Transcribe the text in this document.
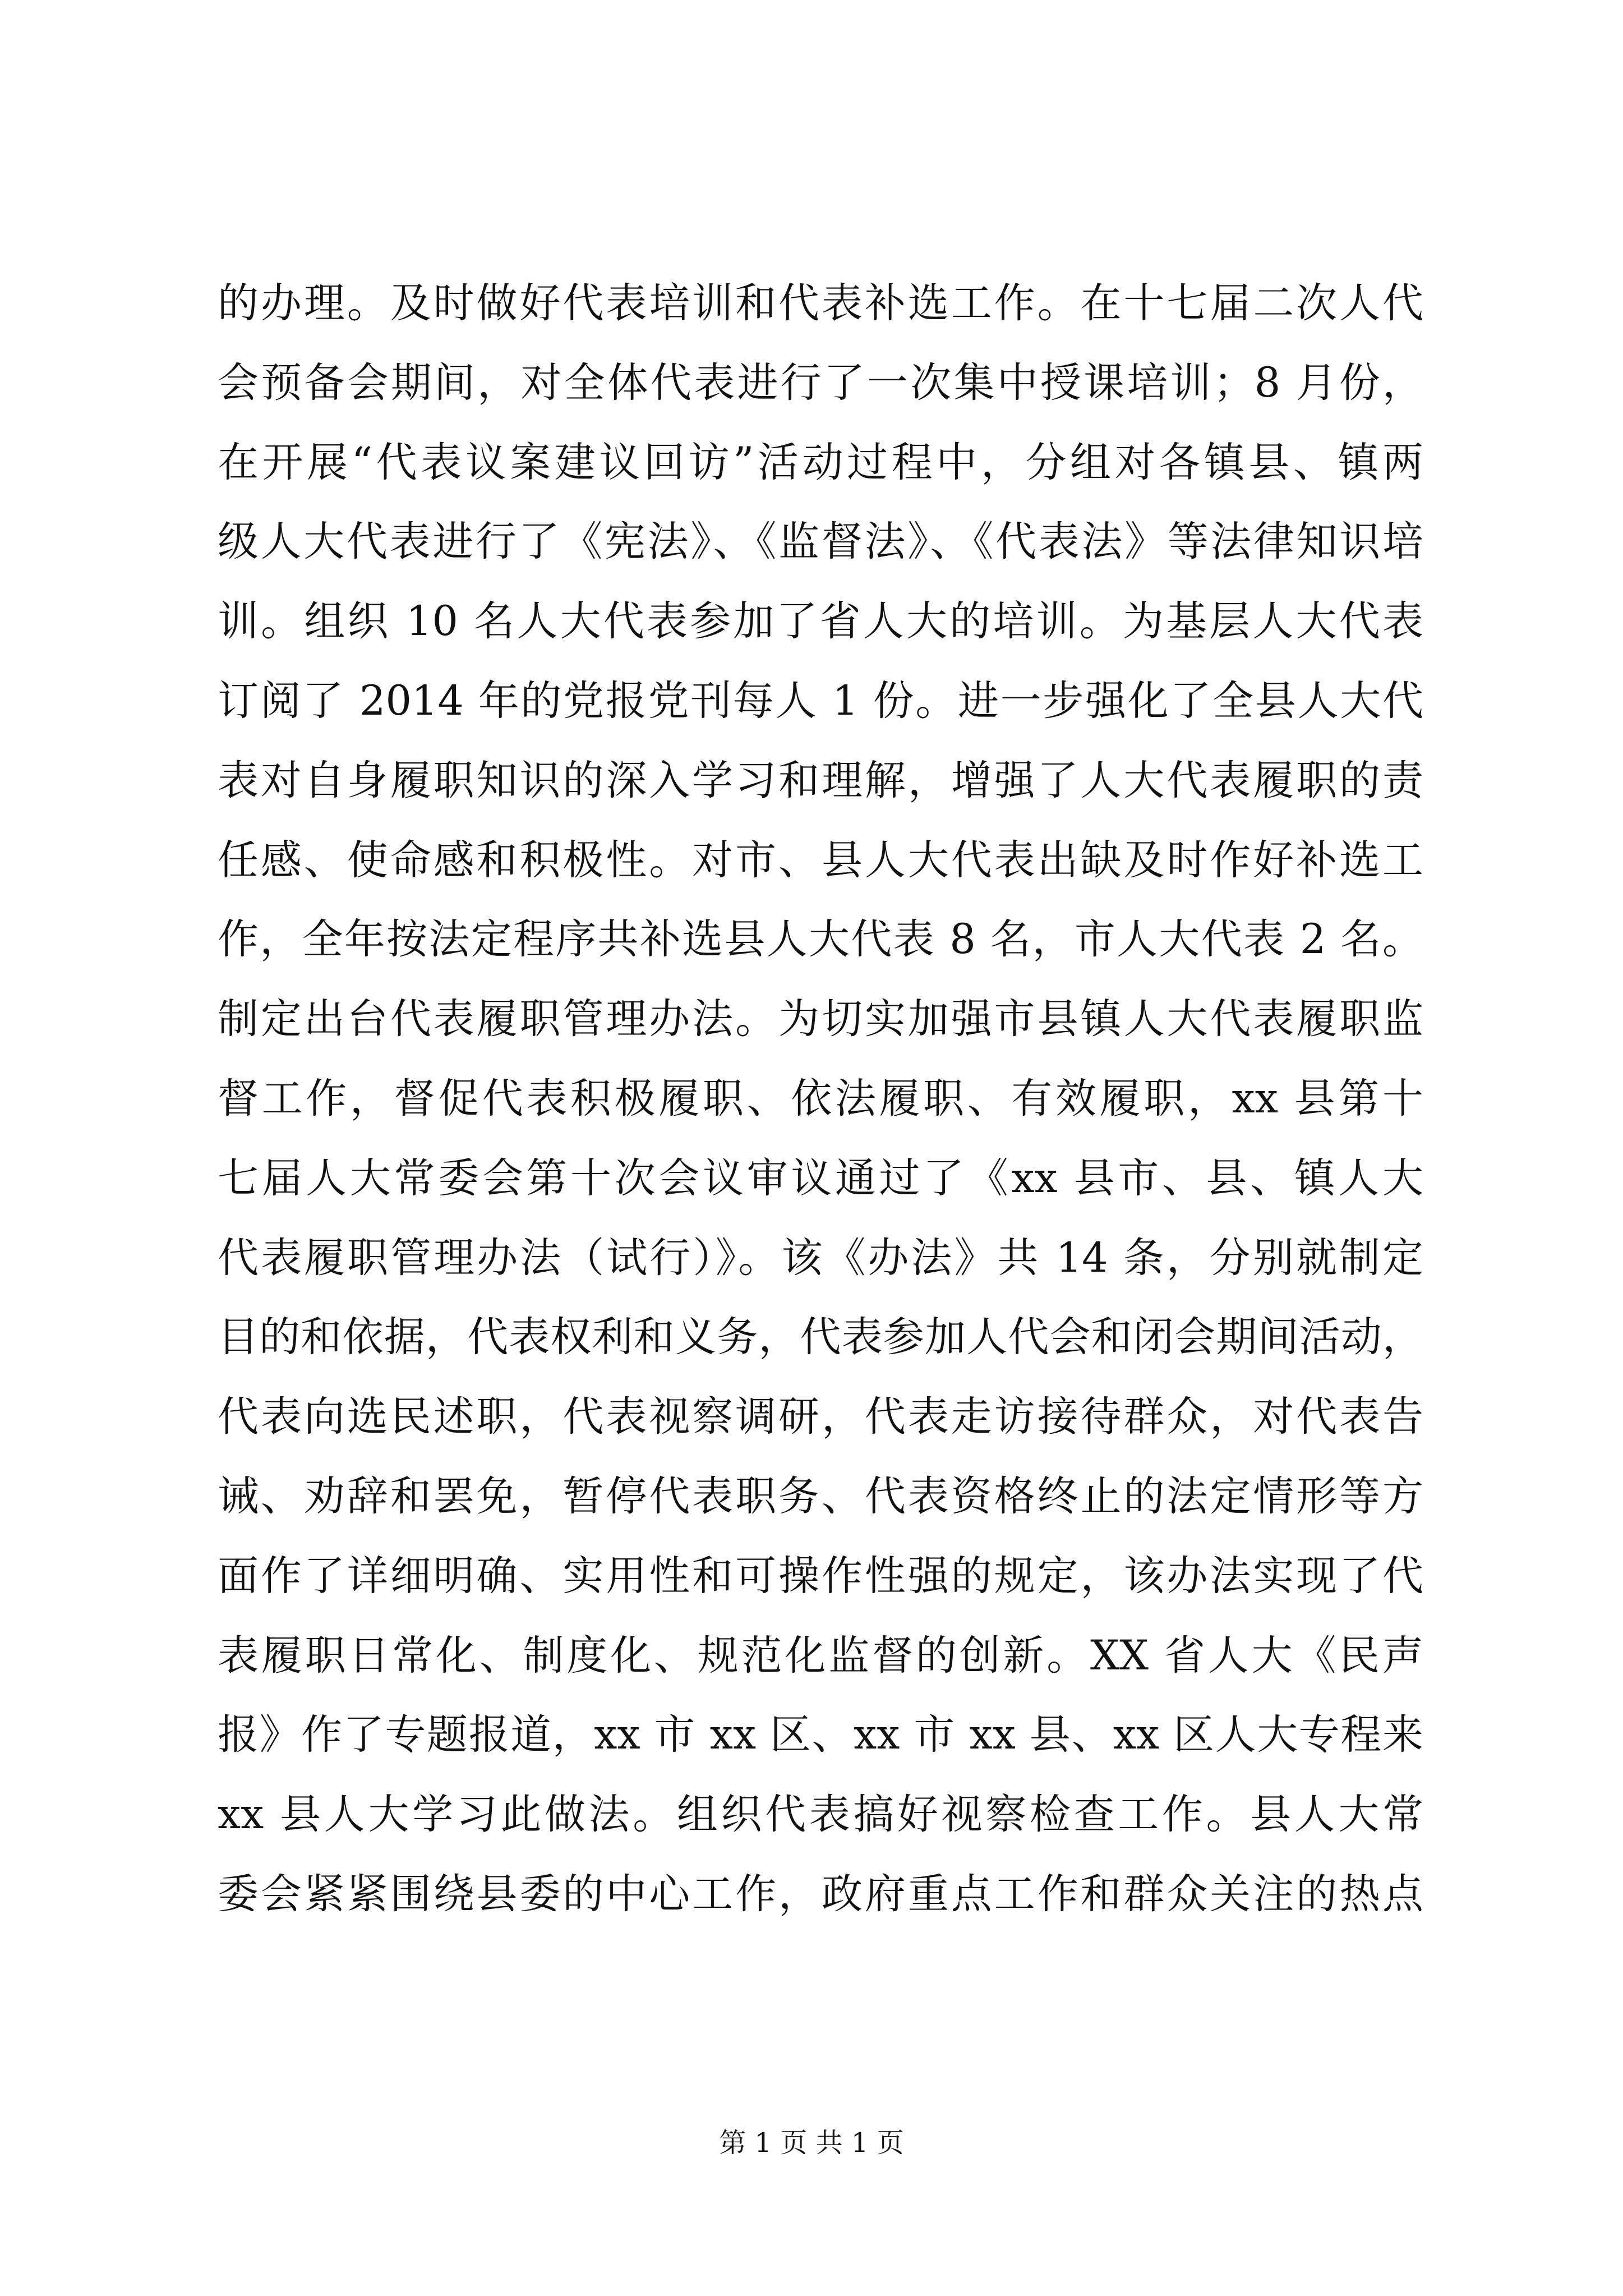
的办理。及时做好代表培训和代表补选工作。在十七届二次人代
会预备会期间，对全体代表进行了一次集中授课培训；8 月份，
在开展“代表议案建议回访”活动过程中，分组对各镇县、镇两
级人大代表进行了《宪法》、《监督法》、《代表法》等法律知识培
训。组织 10 名人大代表参加了省人大的培训。为基层人大代表
订阅了 2014 年的党报党刊每人 1 份。进一步强化了全县人大代
表对自身履职知识的深入学习和理解，增强了人大代表履职的责
任感、使命感和积极性。对市、县人大代表出缺及时作好补选工
作，全年按法定程序共补选县人大代表 8 名，市人大代表 2 名。
制定出台代表履职管理办法。为切实加强市县镇人大代表履职监
督工作，督促代表积极履职、依法履职、有效履职，xx 县第十
七届人大常委会第十次会议审议通过了《xx 县市、县、镇人大
代表履职管理办法（试行）》。该《办法》共 14 条，分别就制定
目的和依据，代表权利和义务，代表参加人代会和闭会期间活动，
代表向选民述职，代表视察调研，代表走访接待群众，对代表告
诫、劝辞和罢免，暂停代表职务、代表资格终止的法定情形等方
面作了详细明确、实用性和可操作性强的规定，该办法实现了代
表履职日常化、制度化、规范化监督的创新。XX 省人大《民声
报》作了专题报道，xx 市 xx 区、xx 市 xx 县、xx 区人大专程来
xx 县人大学习此做法。组织代表搞好视察检查工作。县人大常
委会紧紧围绕县委的中心工作，政府重点工作和群众关注的热点
第 1 页 共 1 页
